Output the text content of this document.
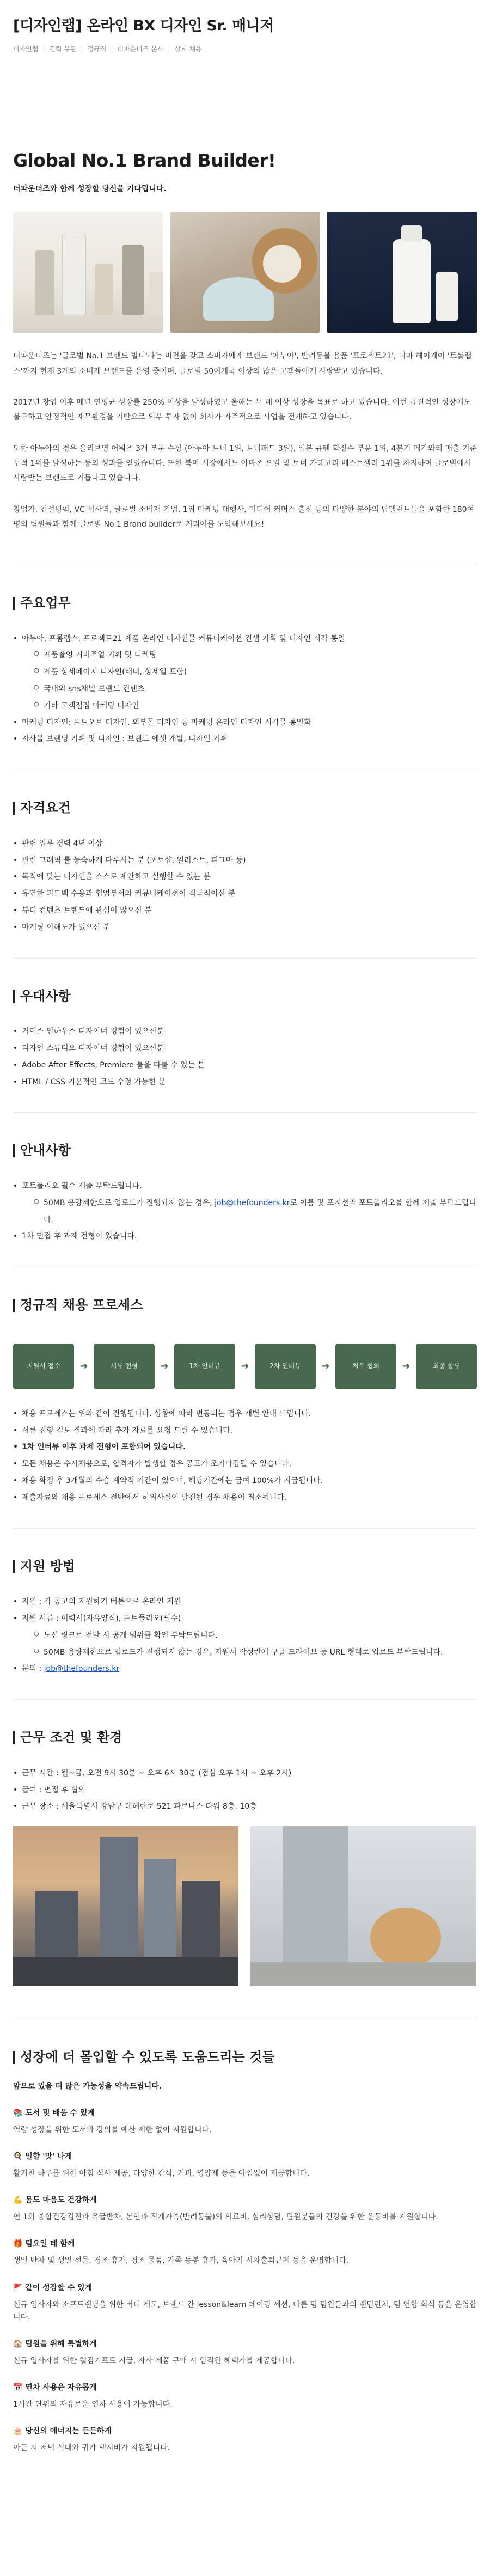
[디자인랩] 온라인 BX 디자인 Sr. 매니저
디자인랩 | 경력 무관 | 정규직 | 더파운더즈 본사 | 상시 채용
Global No.1 Brand Builder!

더파운더즈와 함께 성장할 당신을 기다립니다.

더파운더즈는 '글로벌 No.1 브랜드 빌더'라는 비전을 갖고 소비자에게 브랜드 '아누아', 반려동물 용품 '프로젝트21', 더마 헤어케어 '트롤랩스'까지 현재 3개의 소비재 브랜드를 운영 중이며, 글로벌 50여개국 이상의 많은 고객들에게 사랑받고 있습니다.

2017년 창업 이후 매년 연평균 성장률 250% 이상을 달성하였고 올해는 두 배 이상 성장을 목표로 하고 있습니다. 이런 급진적인 성장에도 불구하고 안정적인 재무환경을 기반으로 외부 투자 없이 회사가 자주적으로 사업을 전개하고 있습니다.

또한 아누아의 경우 올리브영 어워즈 3개 부문 수상 (아누아 토너 1위, 토너패드 3위), 일본 큐텐 화장수 부문 1위, 4분기 메가와리 매출 기준 누적 1위를 달성하는 등의 성과를 얻었습니다. 또한 북미 시장에서도 아마존 오일 및 토너 카테고리 베스트셀러 1위를 차지하며 글로벌에서 사랑받는 브랜드로 거듭나고 있습니다.

창업가, 컨설팅펌, VC 심사역, 글로벌 소비재 기업, 1위 마케팅 대행사, 미디어 커머스 출신 등의 다양한 분야의 탑탤런트들을 포함한 180여명의 팀원들과 함께 글로벌 No.1 Brand builder로 커리어를 도약해보세요!

주요업무
• 아누아, 프롬랩스, 프로젝트21 제품 온라인 디자인물 커뮤니케이션 컨셉 기획 및 디자인 시각 통일
○ 제품촬영 커버주얼 기획 및 디렉팅
○ 제품 상세페이지 디자인(배너, 상세일 포함)
○ 국내외 sns채널 브랜드 컨텐츠
○ 기타 고객접점 마케팅 디자인
• 마케팅 디자인: 포트오브 디자인, 외부몰 디자인 등 마케팅 온라인 디자인 시각물 통일화
• 자사몰 브랜딩 기획 및 디자인 : 브랜드 에셋 개발, 디자인 기획
자격요건
• 관련 업무 경력 4년 이상
• 관련 그래픽 툴 능숙하게 다루시는 분 (포토샵, 일러스트, 피그마 등)
• 목적에 맞는 디자인을 스스로 제안하고 실행할 수 있는 분
• 유연한 피드백 수용과 협업부서와 커뮤니케이션이 적극적이신 분
• 뷰티 컨텐츠 트렌드에 관심이 많으신 분
• 마케팅 이해도가 있으신 분
우대사항
• 커머스 인하우스 디자이너 경험이 있으신분
• 디자인 스튜디오 디자이너 경험이 있으신분
• Adobe After Effects, Premiere 툴을 다룰 수 있는 분
• HTML / CSS 기본적인 코드 수정 가능한 분
안내사항
• 포트폴리오 필수 제출 부탁드립니다.
○ 50MB 용량제한으로 업로드가 진행되지 않는 경우, job@thefounders.kr로 이름 및 포지션과 포트폴리오를 함께 제출 부탁드립니다.
• 1차 면접 후 과제 전형이 있습니다.
정규직 채용 프로세스
지원서 접수	➜	서류 전형	➜	1차 인터뷰	➜	2차 인터뷰	➜	처우 협의	➜	최종 합류
• 채용 프로세스는 위와 같이 진행됩니다. 상황에 따라 변동되는 경우 개별 안내 드립니다.
• 서류 전형 검토 결과에 따라 추가 자료를 요청 드릴 수 있습니다.
• 1차 인터뷰 이후 과제 전형이 포함되어 있습니다.
• 모든 채용은 수시채용으로, 합격자가 발생할 경우 공고가 조기마감될 수 있습니다.
• 채용 확정 후 3개월의 수습 계약직 기간이 있으며, 해당기간에는 급여 100%가 지급됩니다.
• 제출자료와 채용 프로세스 전반에서 허위사실이 발견될 경우 채용이 취소됩니다.
지원 방법
• 지원 : 각 공고의 지원하기 버튼으로 온라인 지원
• 지원 서류 : 이력서(자유양식), 포트폴리오(필수)
○ 노션 링크로 전달 시 공개 범위를 확인 부탁드립니다.
○ 50MB 용량제한으로 업로드가 진행되지 않는 경우, 지원서 작성란에 구글 드라이브 등 URL 형태로 업로드 부탁드립니다.
• 문의 : job@thefounders.kr
근무 조건 및 환경
• 근무 시간 : 월~금, 오전 9시 30분 ~ 오후 6시 30분 (점심 오후 1시 ~ 오후 2시)
• 급여 : 면접 후 협의
• 근무 장소 : 서울특별시 강남구 테헤란로 521 파르나스 타워 8층, 10층
성장에 더 몰입할 수 있도록 도움드리는 것들

앞으로 있을 더 많은 가능성을 약속드립니다.

📚 도서 및 배움 수 있게

역량 성장을 위한 도서와 강의를 예산 제한 없이 지원합니다.

🍳 일할 '맛' 나게

활기찬 하루를 위한 아침 식사 제공, 다양한 간식, 커피, 영양제 등을 아낌없이 제공합니다.

💪 몸도 마음도 건강하게

연 1회 종합건강검진과 유급반차, 본인과 직계가족(반려동물)의 의료비, 심리상담, 팀원분들의 건강을 위한 운동비를 지원합니다.

🎁 팀요일 데 함께

생일 반차 및 생일 선물, 경조 휴가, 경조 물품, 가족 동봉 휴가, 육아기 시차출퇴근제 등을 운영합니다.

🚩 같이 성장할 수 있게

신규 입사자와 소프트랜딩을 위한 버디 제도, 브랜드 간 lesson&learn 데이팅 세션, 다른 팀 팀원들과의 랜덤런치, 팀 연합 회식 등을 운영합니다.

🏠 팀원을 위해 특별하게

신규 입사자를 위한 웰컴기프트 지급, 자사 제품 구매 시 임직원 혜택가를 제공합니다.

📅 연차 사용은 자유롭게

1시간 단위의 자유로운 연차 사용이 가능합니다.

🎂 당신의 에너지는 든든하게

아군 시 저녁 식대와 귀가 택시비가 지원됩니다.
